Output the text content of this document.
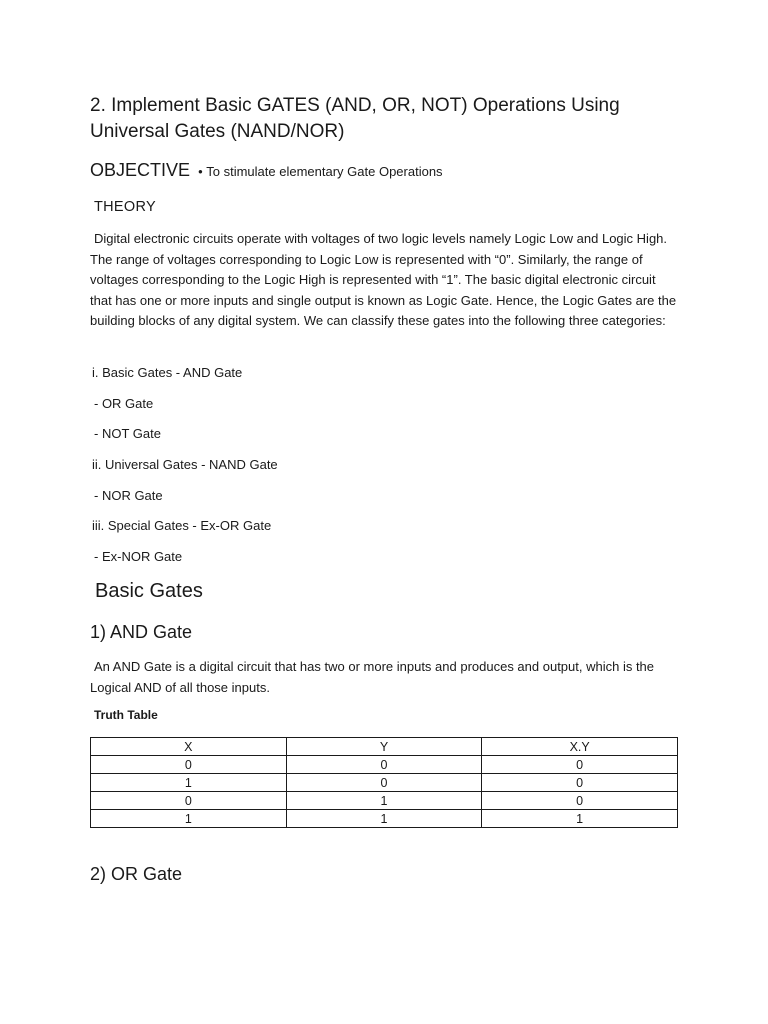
2. Implement Basic GATES (AND, OR, NOT) Operations Using Universal Gates (NAND/NOR)

OBJECTIVE  • To stimulate elementary Gate Operations

THEORY

Digital electronic circuits operate with voltages of two logic levels namely Logic Low and Logic High. The range of voltages corresponding to Logic Low is represented with “0”. Similarly, the range of voltages corresponding to the Logic High is represented with “1”. The basic digital electronic circuit that has one or more inputs and single output is known as Logic Gate. Hence, the Logic Gates are the building blocks of any digital system. We can classify these gates into the following three categories:

i. Basic Gates - AND Gate

- OR Gate

- NOT Gate

ii. Universal Gates - NAND Gate

- NOR Gate

iii. Special Gates - Ex-OR Gate

- Ex-NOR Gate

Basic Gates
1) AND Gate

An AND Gate is a digital circuit that has two or more inputs and produces and output, which is the Logical AND of all those inputs.

Truth Table

X	Y	X.Y
0	0	0
1	0	0
0	1	0
1	1	1
2) OR Gate
